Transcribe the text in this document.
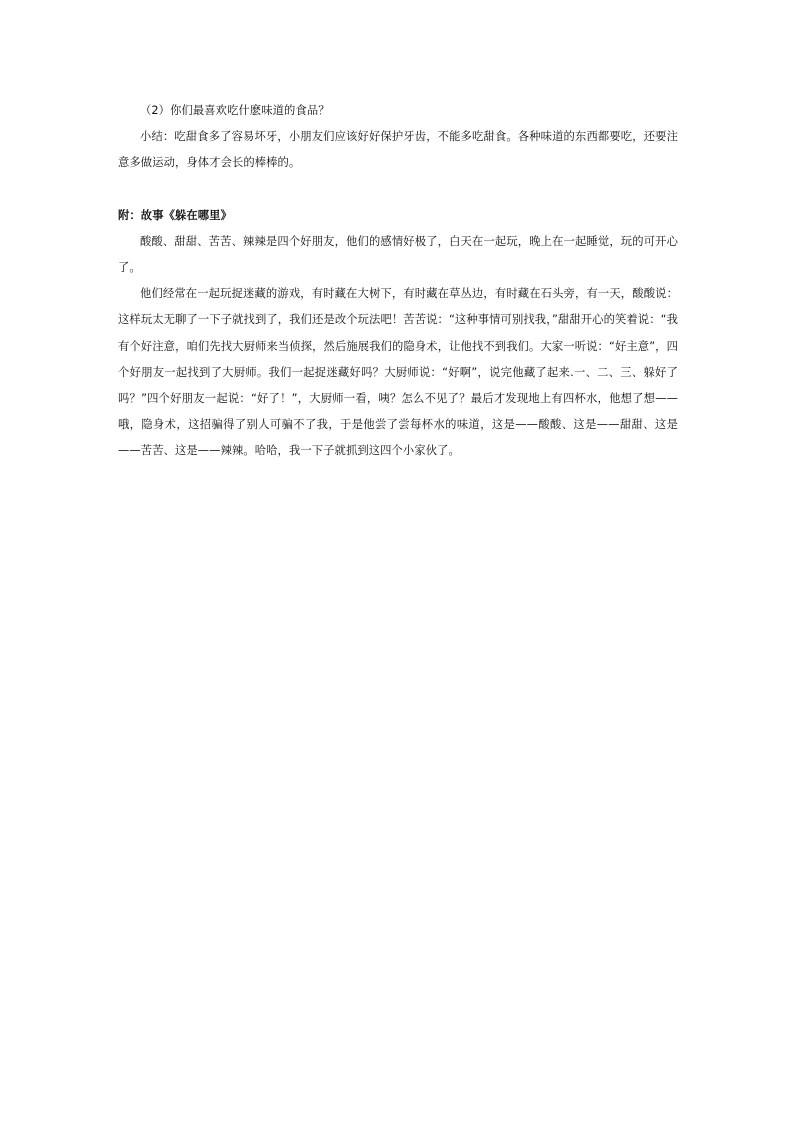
（2）你们最喜欢吃什麽味道的食品？

小结：吃甜食多了容易坏牙，小朋友们应该好好保护牙齿，不能多吃甜食。各种味道的东西都要吃，还要注意多做运动，身体才会长的棒棒的。

附：故事《躲在哪里》

酸酸、甜甜、苦苦、辣辣是四个好朋友，他们的感情好极了，白天在一起玩，晚上在一起睡觉，玩的可开心了。

他们经常在一起玩捉迷藏的游戏，有时藏在大树下，有时藏在草丛边，有时藏在石头旁，有一天，酸酸说：这样玩太无聊了一下子就找到了，我们还是改个玩法吧！苦苦说：“这种事情可别找我，”甜甜开心的笑着说：“我有个好注意，咱们先找大厨师来当侦探，然后施展我们的隐身术，让他找不到我们。大家一听说：“好主意”，四个好朋友一起找到了大厨师。我们一起捉迷藏好吗？大厨师说：“好啊”，说完他藏了起来.一、二、三、躲好了吗？”四个好朋友一起说：“好了！”，大厨师一看，咦？怎么不见了？最后才发现地上有四杯水，他想了想——哦，隐身术，这招骗得了别人可骗不了我，于是他尝了尝每杯水的味道，这是——酸酸、这是——甜甜、这是——苦苦、这是——辣辣。哈哈，我一下子就抓到这四个小家伙了。
